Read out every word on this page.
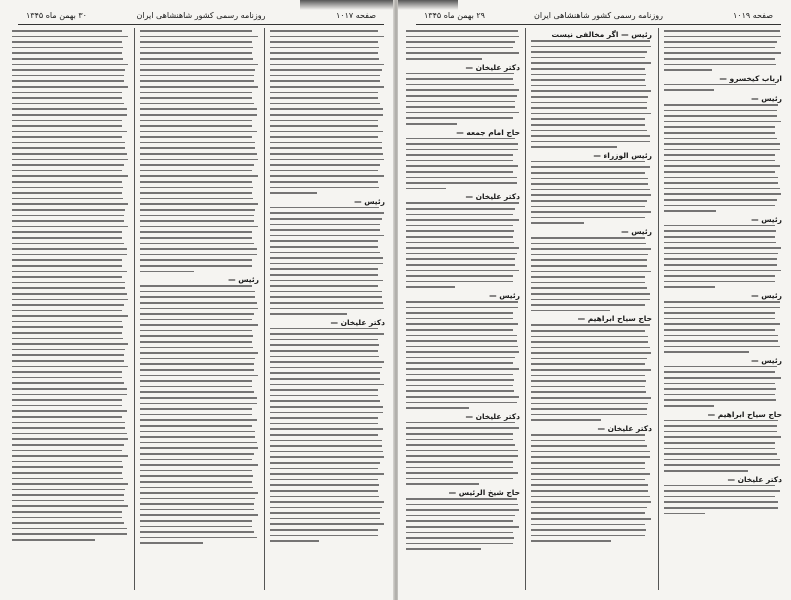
صفحه ۱۰۱۷
روزنامه رسمی کشور شاهنشاهی ایران
۳۰ بهمن ماه ۱۳۴۵
رئیس —
دکتر علیخان —
رئیس —
صفحه ۱۰۱۹
روزنامه رسمی کشور شاهنشاهی ایران
۲۹ بهمن ماه ۱۳۴۵
ارباب کیخسرو —
رئیس —
رئیس —
رئیس —
رئیس —
حاج سیاح ابراهیم —
دکتر علیخان —
رئیس — اگر مخالفی نیست
رئیس الوزراء —
رئیس —
حاج سیاح ابراهیم —
دکتر علیخان —
دکتر علیخان —
حاج امام جمعه —
دکتر علیخان —
رئیس —
دکتر علیخان —
حاج شیخ الرئیس —
